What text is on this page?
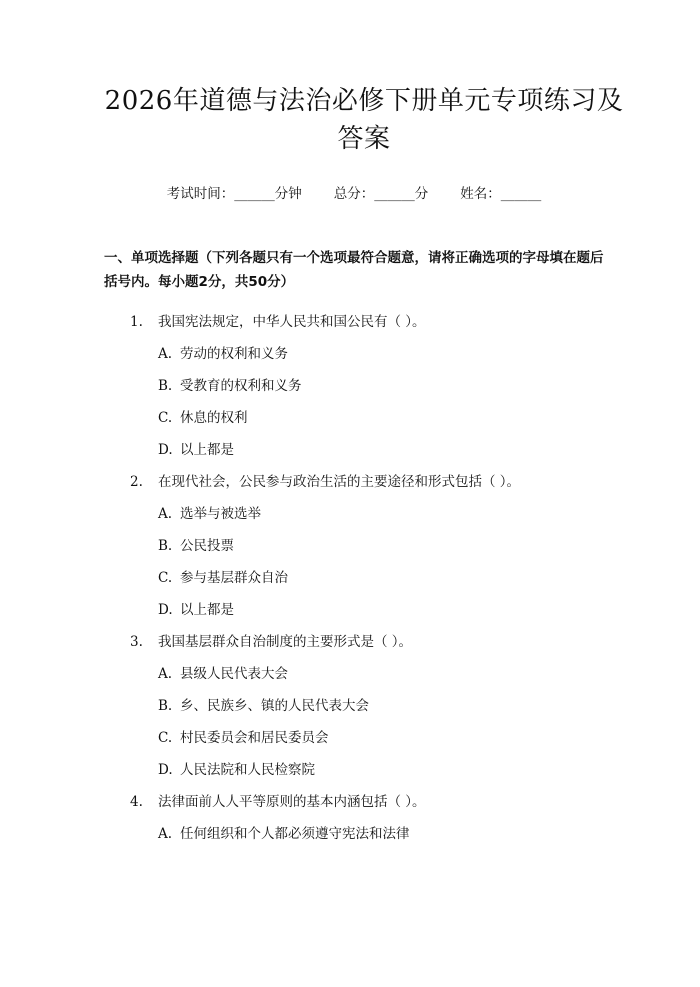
2026年道德与法治必修下册单元专项练习及答案
考试时间：______分钟 总分：______分 姓名：______
一、单项选择题（下列各题只有一个选项最符合题意，请将正确选项的字母填在题后括号内。每小题2分，共50分）
1. 我国宪法规定，中华人民共和国公民有（ ）。
A. 劳动的权利和义务
B. 受教育的权利和义务
C. 休息的权利
D. 以上都是
2. 在现代社会，公民参与政治生活的主要途径和形式包括（ ）。
A. 选举与被选举
B. 公民投票
C. 参与基层群众自治
D. 以上都是
3. 我国基层群众自治制度的主要形式是（ ）。
A. 县级人民代表大会
B. 乡、民族乡、镇的人民代表大会
C. 村民委员会和居民委员会
D. 人民法院和人民检察院
4. 法律面前人人平等原则的基本内涵包括（ ）。
A. 任何组织和个人都必须遵守宪法和法律
